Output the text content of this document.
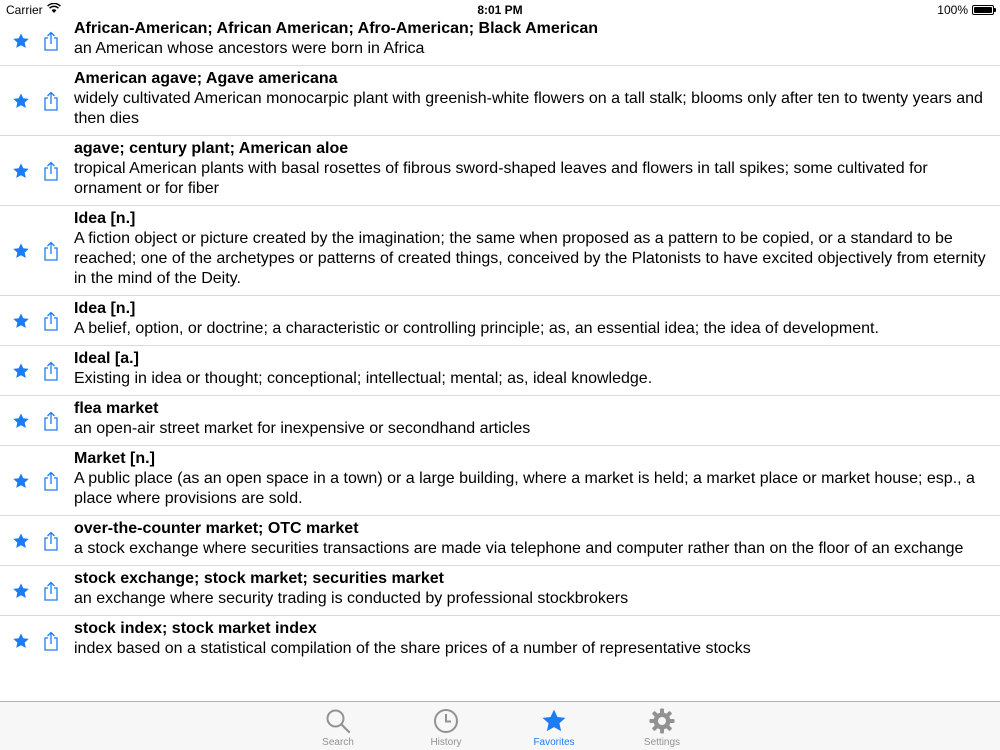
Carrier	8:01 PM	100%
African-American; African American; Afro-American; Black American
an American whose ancestors were born in Africa
American agave; Agave americana
widely cultivated American monocarpic plant with greenish-white flowers on a tall stalk; blooms only after ten to twenty years and then dies
agave; century plant; American aloe
tropical American plants with basal rosettes of fibrous sword-shaped leaves and flowers in tall spikes; some cultivated for ornament or for fiber
Idea [n.]
A fiction object or picture created by the imagination; the same when proposed as a pattern to be copied, or a standard to be reached; one of the archetypes or patterns of created things, conceived by the Platonists to have excited objectively from eternity in the mind of the Deity.
Idea [n.]
A belief, option, or doctrine; a characteristic or controlling principle; as, an essential idea; the idea of development.
Ideal [a.]
Existing in idea or thought; conceptional; intellectual; mental; as, ideal knowledge.
flea market
an open-air street market for inexpensive or secondhand articles
Market [n.]
A public place (as an open space in a town) or a large building, where a market is held; a market place or market house; esp., a place where provisions are sold.
over-the-counter market; OTC market
a stock exchange where securities transactions are made via telephone and computer rather than on the floor of an exchange
stock exchange; stock market; securities market
an exchange where security trading is conducted by professional stockbrokers
stock index; stock market index
index based on a statistical compilation of the share prices of a number of representative stocks
Search	History	Favorites	Settings
